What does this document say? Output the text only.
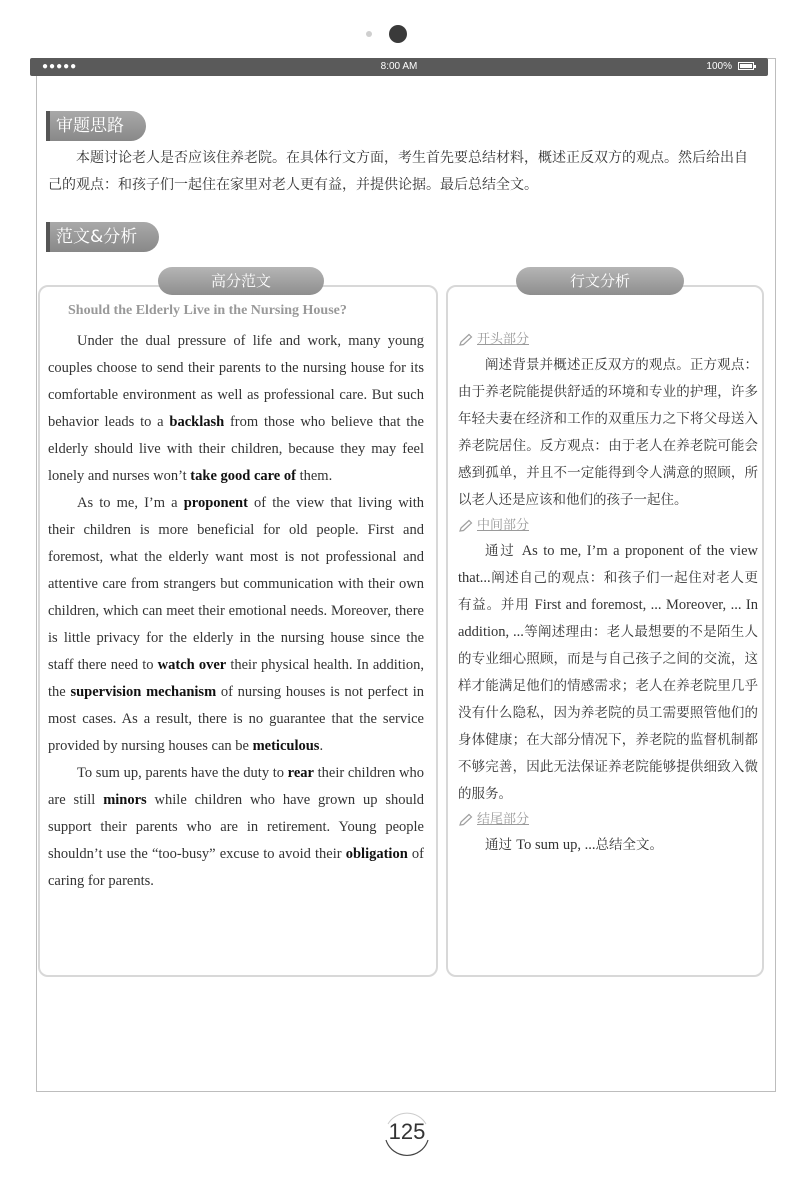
●●●●●	8:00 AM	100%
审题思路
本题讨论老人是否应该住养老院。在具体行文方面，考生首先要总结材料，概述正反双方的观点。然后给出自己的观点：和孩子们一起住在家里对老人更有益，并提供论据。最后总结全文。
范文&分析
高分范文	行文分析
Should the Elderly Live in the Nursing House?

Under the dual pressure of life and work, many young couples choose to send their parents to the nursing house for its comfortable environment as well as professional care. But such behavior leads to a backlash from those who believe that the elderly should live with their children, because they may feel lonely and nurses won’t take good care of them.

As to me, I’m a proponent of the view that living with their children is more beneficial for old people. First and foremost, what the elderly want most is not professional and attentive care from strangers but communication with their own children, which can meet their emotional needs. Moreover, there is little privacy for the elderly in the nursing house since the staff there need to watch over their physical health. In addition, the supervision mechanism of nursing houses is not perfect in most cases. As a result, there is no guarantee that the service provided by nursing houses can be meticulous.

To sum up, parents have the duty to rear their children who are still minors while children who have grown up should support their parents who are in retirement. Young people shouldn’t use the “too-busy” excuse to avoid their obligation of caring for parents.

开头部分

阐述背景并概述正反双方的观点。正方观点：由于养老院能提供舒适的环境和专业的护理，许多年轻夫妻在经济和工作的双重压力之下将父母送入养老院居住。反方观点：由于老人在养老院可能会感到孤单，并且不一定能得到令人满意的照顾，所以老人还是应该和他们的孩子一起住。

中间部分

通过 As to me, I’m a proponent of the view that...阐述自己的观点：和孩子们一起住对老人更有益。并用 First and foremost, ... Moreover, ... In addition, ...等阐述理由：老人最想要的不是陌生人的专业细心照顾，而是与自己孩子之间的交流，这样才能满足他们的情感需求；老人在养老院里几乎没有什么隐私，因为养老院的员工需要照管他们的身体健康；在大部分情况下，养老院的监督机制都不够完善，因此无法保证养老院能够提供细致入微的服务。

结尾部分

通过 To sum up, ...总结全文。

125
